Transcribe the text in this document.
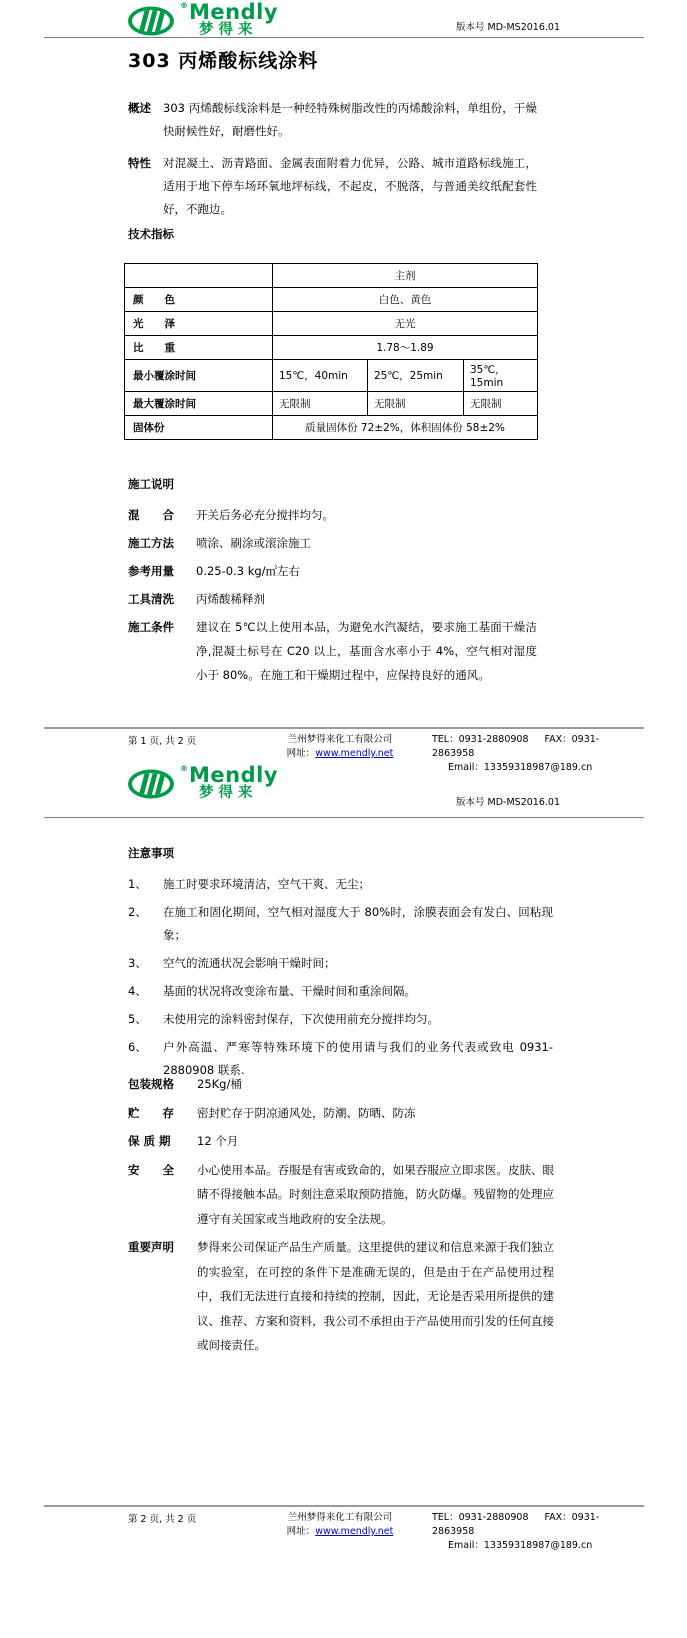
® Mendly
梦得来	版本号 MD-MS2016.01
303 丙烯酸标线涂料
概述	303 丙烯酸标线涂料是一种经特殊树脂改性的丙烯酸涂料，单组份，干燥快耐候性好，耐磨性好。
特性	对混凝土、沥青路面、金属表面附着力优异，公路、城市道路标线施工，适用于地下停车场环氧地坪标线，不起皮，不脱落，与普通美纹纸配套性好，不跑边。
技术指标
	主剂		
颜　　色	白色、黄色		
光　　泽	无光		
比　　重	1.78～1.89		
最小覆涂时间	15℃，40min	25℃，25min	35℃，15min
最大覆涂时间	无限制	无限制	无限制
固体份	质量固体份 72±2%，体积固体份 58±2%		
施工说明
混　　合	开关后务必充分搅拌均匀。
施工方法	喷涂、刷涂或滚涂施工
参考用量	0.25-0.3 kg/㎡左右
工具清洗	丙烯酸稀释剂
施工条件	建议在 5℃以上使用本品，为避免水汽凝结，要求施工基面干燥洁净,混凝土标号在 C20 以上，基面含水率小于 4%，空气相对湿度小于 80%。在施工和干燥期过程中，应保持良好的通风。
第 1 页, 共 2 页	兰州梦得来化工有限公司
网址：www.mendly.net
TEL：0931-2880908 FAX：0931-2863958
Email：13359318987@189.cn
® Mendly
梦得来
版本号 MD-MS2016.01
注意事项
1、	施工时要求环境清洁，空气干爽、无尘；
2、	在施工和固化期间，空气相对湿度大于 80%时，涂膜表面会有发白、回粘现象；
3、	空气的流通状况会影响干燥时间；
4、	基面的状况将改变涂布量、干燥时间和重涂间隔。
5、	未使用完的涂料密封保存，下次使用前充分搅拌均匀。
6、	户外高温、严寒等特殊环境下的使用请与我们的业务代表或致电 0931-2880908 联系.
包装规格	25Kg/桶
贮　　存	密封贮存于阴凉通风处，防潮、防晒、防冻
保 质 期	12 个月
安　　全	小心使用本品。吞服是有害或致命的，如果吞服应立即求医。皮肤、眼睛不得接触本品。时刻注意采取预防措施，防火防爆。残留物的处理应遵守有关国家或当地政府的安全法规。
重要声明	梦得来公司保证产品生产质量。这里提供的建议和信息来源于我们独立的实验室，在可控的条件下是准确无误的，但是由于在产品使用过程中，我们无法进行直接和持续的控制，因此，无论是否采用所提供的建议、推荐、方案和资料，我公司不承担由于产品使用而引发的任何直接或间接责任。
第 2 页, 共 2 页	兰州梦得来化工有限公司
网址：www.mendly.net
TEL：0931-2880908 FAX：0931-2863958
Email：13359318987@189.cn
